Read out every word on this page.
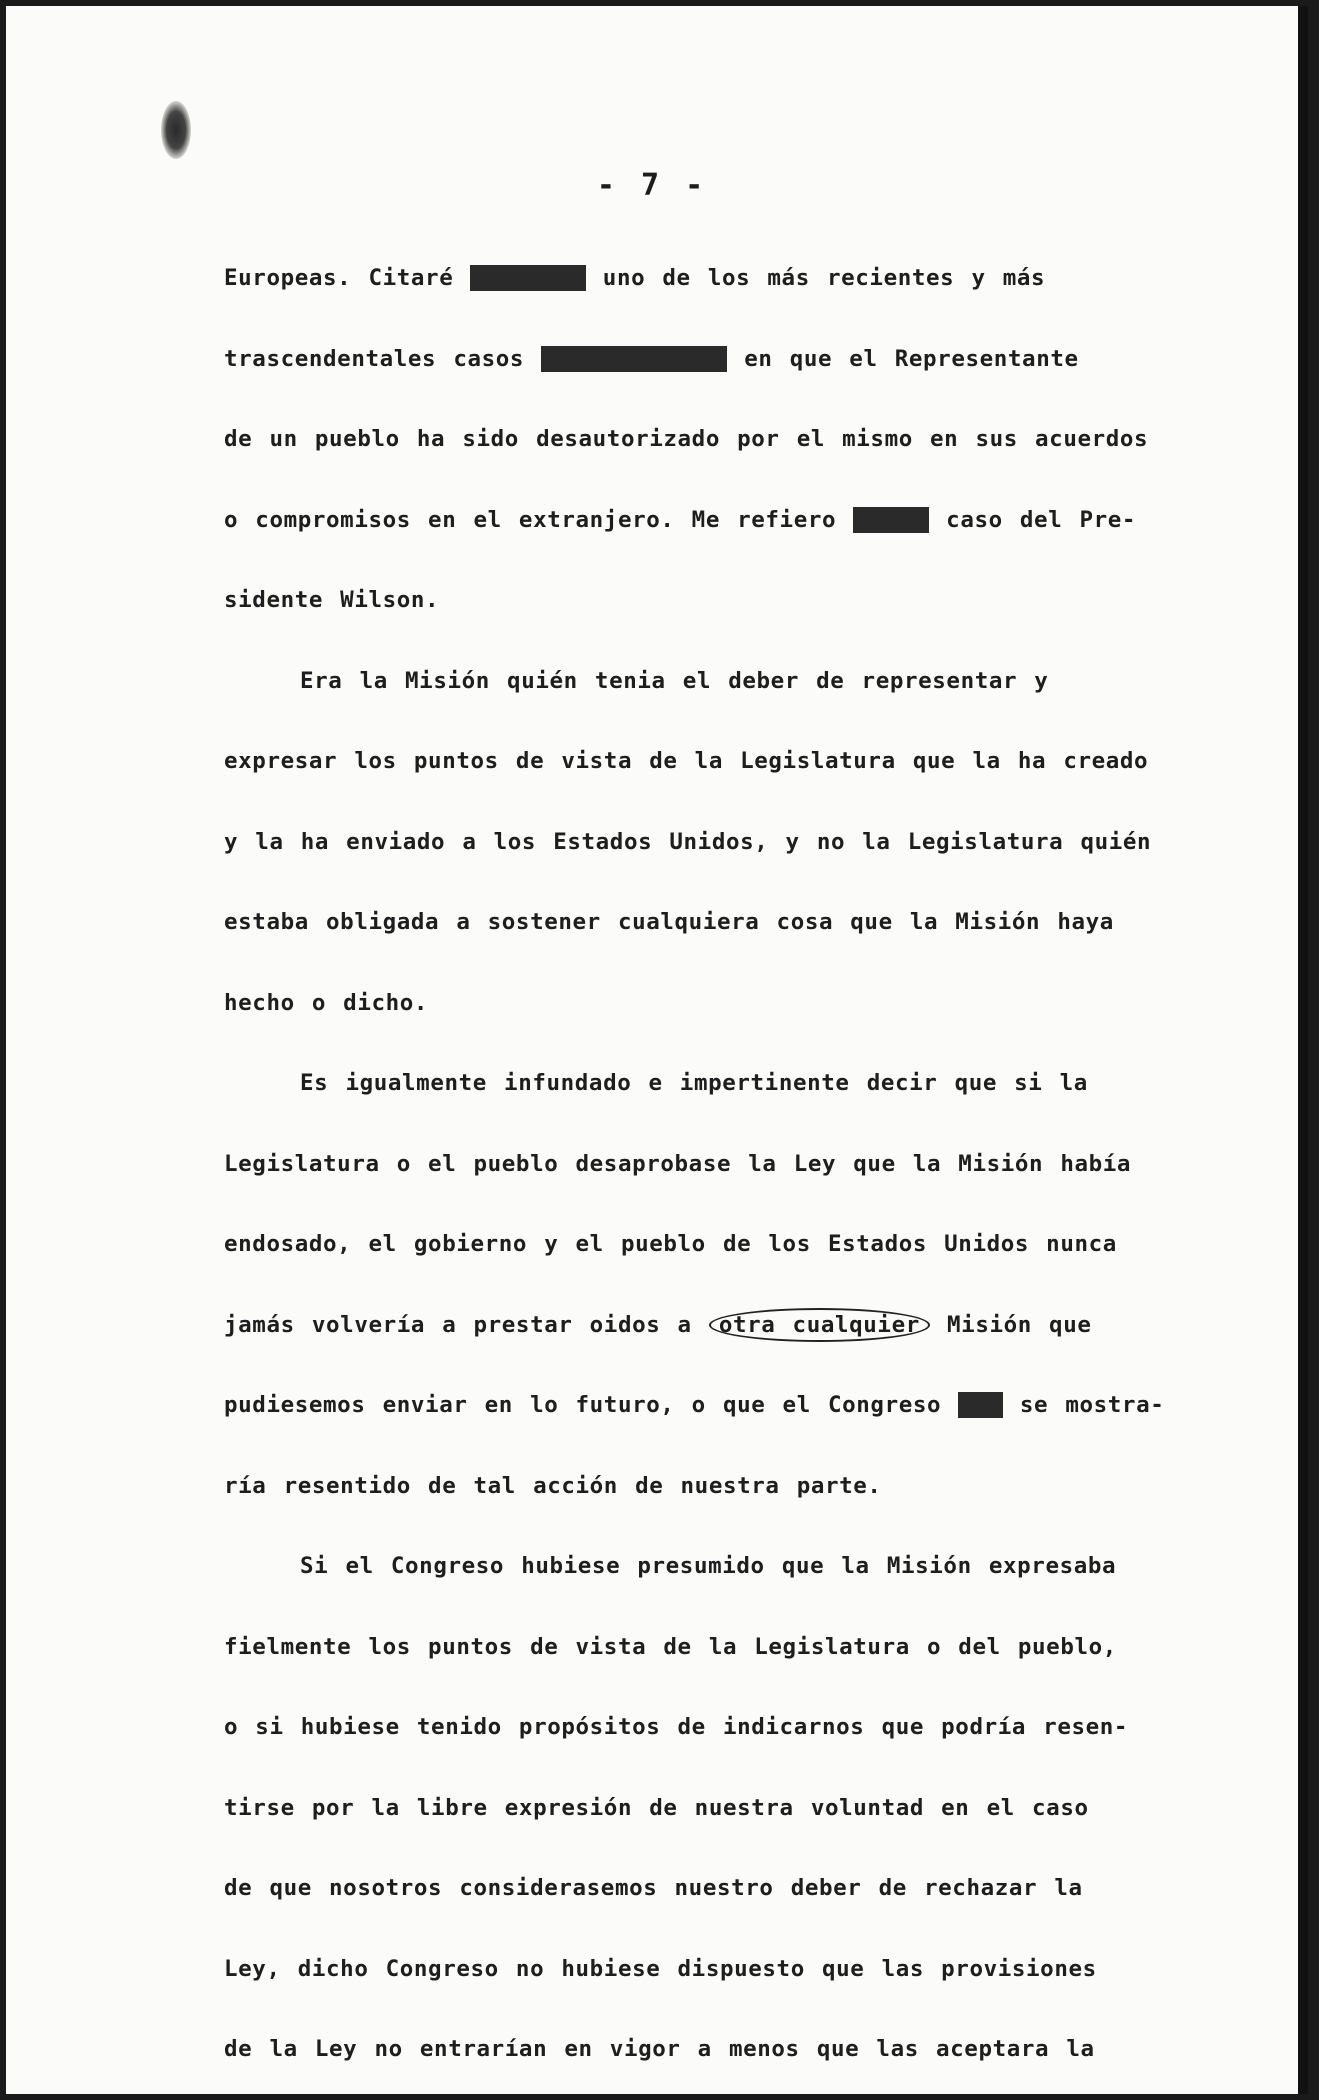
- 7 -
Europeas. Citaré xxxxxxxx uno de los más recientes y más
trascendentales casos cxxxxxxxxxxxx en que el Representante
de un pueblo ha sido desautorizado por el mismo en sus acuerdos
o compromisos en el extranjero. Me refiero en el caso del Pre-
sidente Wilson.
Era la Misión quién tenia el deber de representar y
expresar los puntos de vista de la Legislatura que la ha creado
y la ha enviado a los Estados Unidos, y no la Legislatura quién
estaba obligada a sostener cualquiera cosa que la Misión haya
hecho o dicho.
Es igualmente infundado e impertinente decir que si la
Legislatura o el pueblo desaprobase la Ley que la Misión había
endosado, el gobierno y el pueblo de los Estados Unidos nunca
jamás volvería a prestar oidos a otra cualquier Misión que
pudiesemos enviar en lo futuro, o que el Congreso xxx se mostra-
ría resentido de tal acción de nuestra parte.
Si el Congreso hubiese presumido que la Misión expresaba
fielmente los puntos de vista de la Legislatura o del pueblo,
o si hubiese tenido propósitos de indicarnos que podría resen-
tirse por la libre expresión de nuestra voluntad en el caso
de que nosotros considerasemos nuestro deber de rechazar la
Ley, dicho Congreso no hubiese dispuesto que las provisiones
de la Ley no entrarían en vigor a menos que las aceptara la
